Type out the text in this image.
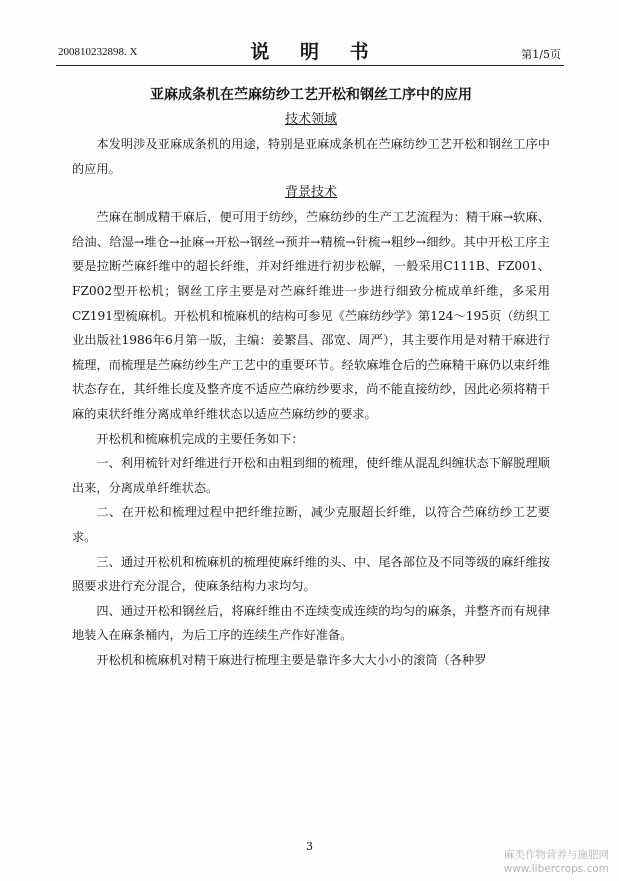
200810232898. X	说 明 书	第1/5页
亚麻成条机在苎麻纺纱工艺开松和钢丝工序中的应用
技术领域

本发明涉及亚麻成条机的用途，特别是亚麻成条机在苎麻纺纱工艺开松和钢丝工序中的应用。

背景技术

苎麻在制成精干麻后，便可用于纺纱，苎麻纺纱的生产工艺流程为：精干麻→软麻、给油、给湿→堆仓→扯麻→开松→钢丝→预并→精梳→针梳→粗纱→细纱。其中开松工序主要是拉断苎麻纤维中的超长纤维，并对纤维进行初步松解，一般采用C111B、FZ001、FZ002型开松机；钢丝工序主要是对苎麻纤维进一步进行细致分梳成单纤维，多采用CZ191型梳麻机。开松机和梳麻机的结构可参见《苎麻纺纱学》第124～195页（纺织工业出版社1986年6月第一版，主编：姜繁昌、邵宽、周严），其主要作用是对精干麻进行梳理，而梳理是苎麻纺纱生产工艺中的重要环节。经软麻堆仓后的苎麻精干麻仍以束纤维状态存在，其纤维长度及整齐度不适应苎麻纺纱要求，尚不能直接纺纱，因此必须将精干麻的束状纤维分离成单纤维状态以适应苎麻纺纱的要求。

开松机和梳麻机完成的主要任务如下：

一、利用梳针对纤维进行开松和由粗到细的梳理，使纤维从混乱纠缠状态下解脱理顺出来，分离成单纤维状态。

二、在开松和梳理过程中把纤维拉断，减少克服超长纤维，以符合苎麻纺纱工艺要求。

三、通过开松机和梳麻机的梳理使麻纤维的头、中、尾各部位及不同等级的麻纤维按照要求进行充分混合，使麻条结构力求均匀。

四、通过开松和钢丝后，将麻纤维由不连续变成连续的均匀的麻条，并整齐而有规律地装入在麻条桶内，为后工序的连续生产作好准备。

开松机和梳麻机对精干麻进行梳理主要是靠许多大大小小的滚筒（各种罗

3
麻类作物营养与施肥网
www.libercrops.com
